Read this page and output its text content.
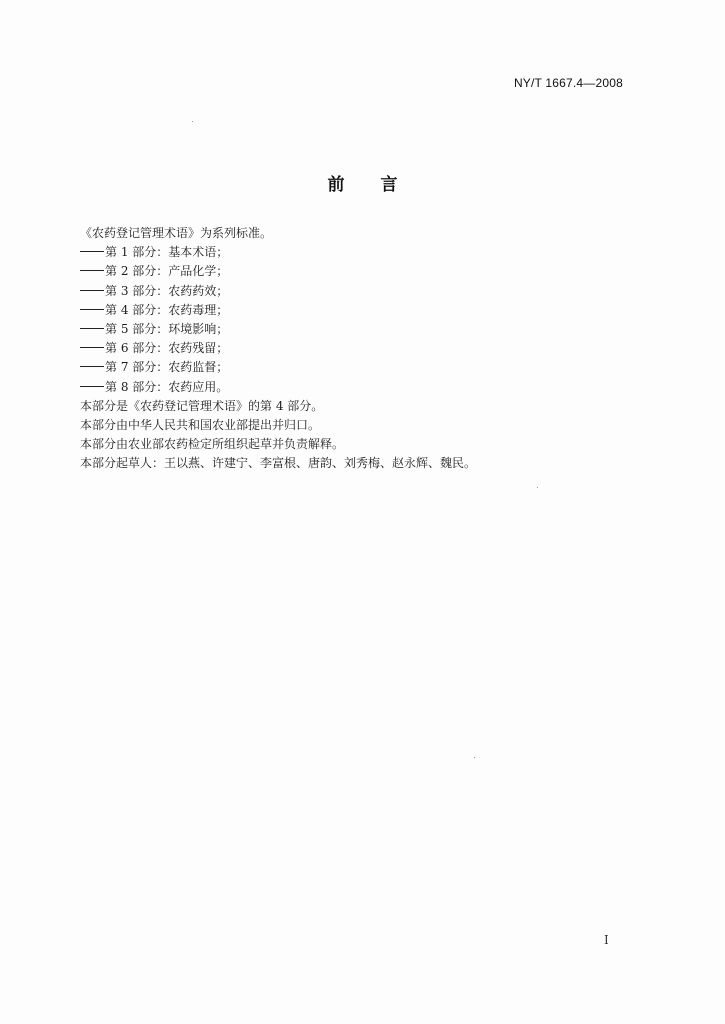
NY/T 1667.4—2008
前 言
《农药登记管理术语》为系列标准。
第 1 部分：基本术语；
第 2 部分：产品化学；
第 3 部分：农药药效；
第 4 部分：农药毒理；
第 5 部分：环境影响；
第 6 部分：农药残留；
第 7 部分：农药监督；
第 8 部分：农药应用。
本部分是《农药登记管理术语》的第 4 部分。
本部分由中华人民共和国农业部提出并归口。
本部分由农业部农药检定所组织起草并负责解释。
本部分起草人：王以燕、许建宁、李富根、唐韵、刘秀梅、赵永辉、魏民。
I
